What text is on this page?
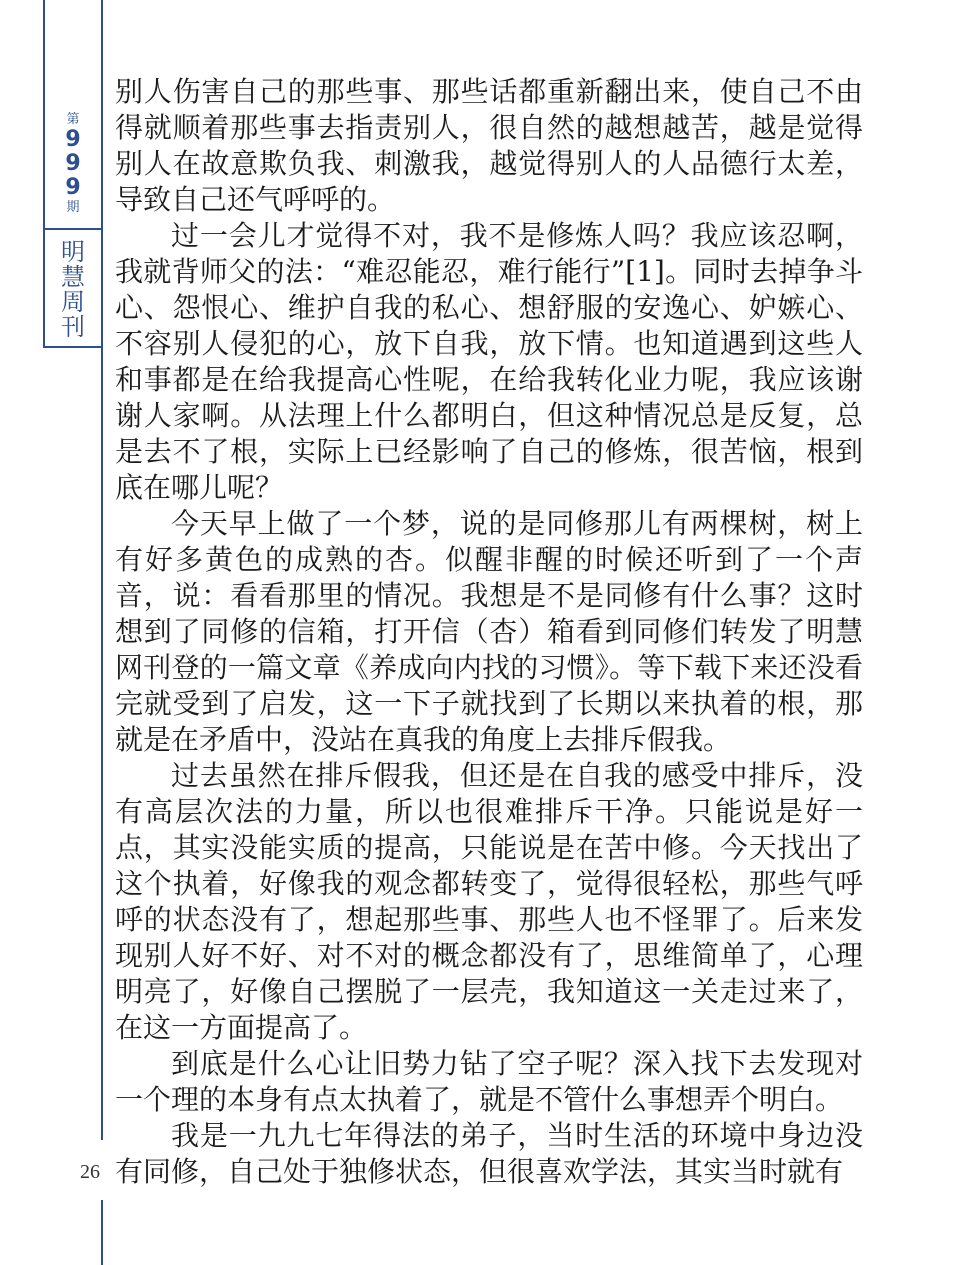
第
9
9
9
期
明
慧
周
刊

别人伤害自己的那些事、那些话都重新翻出来，使自己不由得就顺着那些事去指责别人，很自然的越想越苦，越是觉得别人在故意欺负我、刺激我，越觉得别人的人品德行太差，导致自己还气呼呼的。

过一会儿才觉得不对，我不是修炼人吗？我应该忍啊，我就背师父的法：“难忍能忍，难行能行”[1]。同时去掉争斗心、怨恨心、维护自我的私心、想舒服的安逸心、妒嫉心、不容别人侵犯的心，放下自我，放下情。也知道遇到这些人和事都是在给我提高心性呢，在给我转化业力呢，我应该谢谢人家啊。从法理上什么都明白，但这种情况总是反复，总是去不了根，实际上已经影响了自己的修炼，很苦恼，根到底在哪儿呢？

今天早上做了一个梦，说的是同修那儿有两棵树，树上有好多黄色的成熟的杏。似醒非醒的时候还听到了一个声音，说：看看那里的情况。我想是不是同修有什么事？这时想到了同修的信箱，打开信（杏）箱看到同修们转发了明慧网刊登的一篇文章《养成向内找的习惯》。等下载下来还没看完就受到了启发，这一下子就找到了长期以来执着的根，那就是在矛盾中，没站在真我的角度上去排斥假我。

过去虽然在排斥假我，但还是在自我的感受中排斥，没有高层次法的力量，所以也很难排斥干净。只能说是好一点，其实没能实质的提高，只能说是在苦中修。今天找出了这个执着，好像我的观念都转变了，觉得很轻松，那些气呼呼的状态没有了，想起那些事、那些人也不怪罪了。后来发现别人好不好、对不对的概念都没有了，思维简单了，心理明亮了，好像自己摆脱了一层壳，我知道这一关走过来了，在这一方面提高了。

到底是什么心让旧势力钻了空子呢？深入找下去发现对一个理的本身有点太执着了，就是不管什么事想弄个明白。

我是一九九七年得法的弟子，当时生活的环境中身边没有同修，自己处于独修状态，但很喜欢学法，其实当时就有

26
